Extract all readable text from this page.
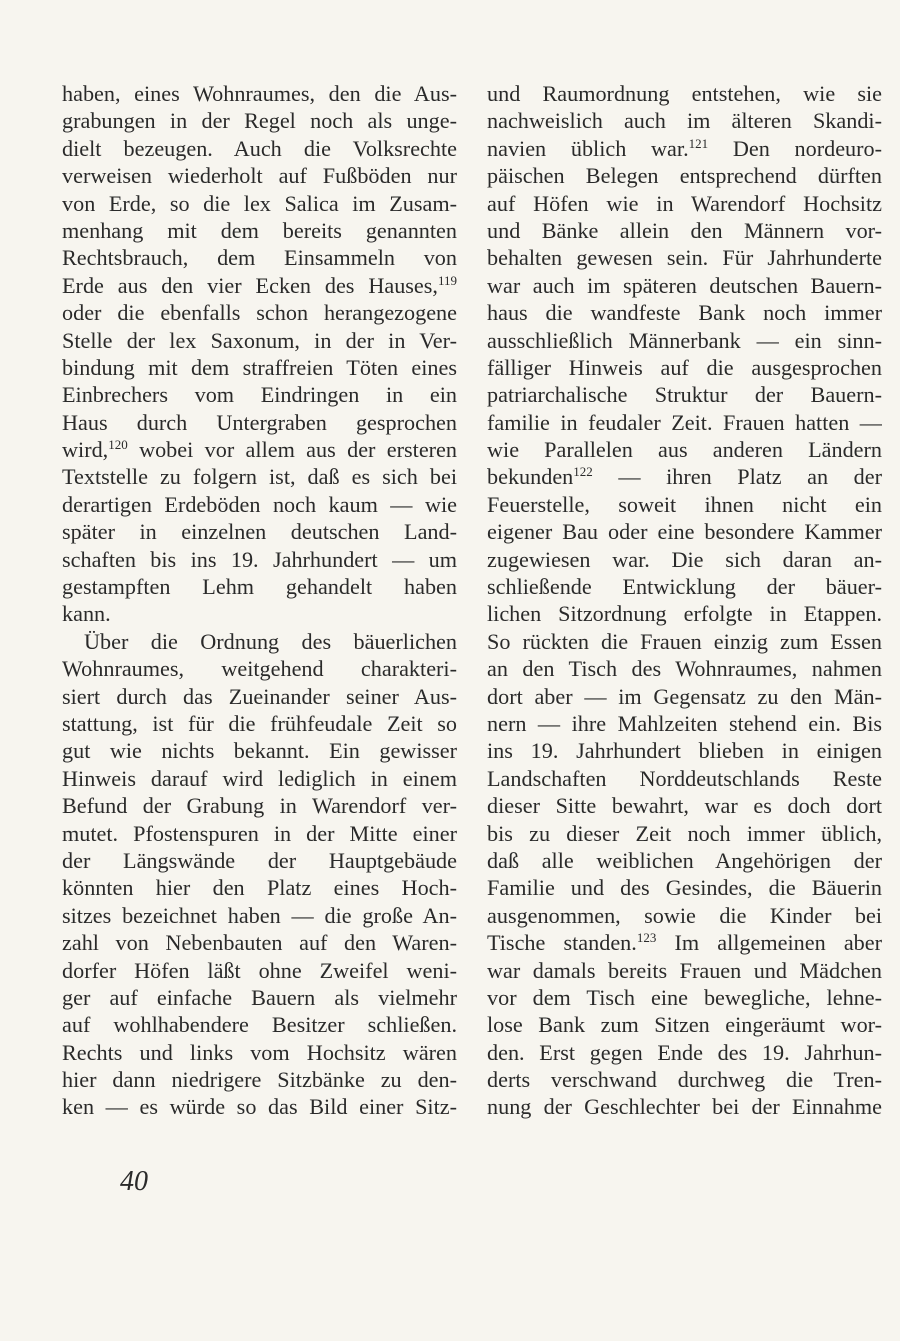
haben, eines Wohnraumes, den die Aus-
grabungen in der Regel noch als unge-
dielt bezeugen. Auch die Volksrechte
verweisen wiederholt auf Fußböden nur
von Erde, so die lex Salica im Zusam-
menhang mit dem bereits genannten
Rechtsbrauch, dem Einsammeln von
Erde aus den vier Ecken des Hauses,$^{119}$
oder die ebenfalls schon herangezogene
Stelle der lex Saxonum, in der in Ver-
bindung mit dem straffreien Töten eines
Einbrechers vom Eindringen in ein
Haus durch Untergraben gesprochen
wird,$^{120}$ wobei vor allem aus der ersteren
Textstelle zu folgern ist, daß es sich bei
derartigen Erdeböden noch kaum — wie
später in einzelnen deutschen Land-
schaften bis ins 19. Jahrhundert — um
gestampften Lehm gehandelt haben
kann.
Über die Ordnung des bäuerlichen
Wohnraumes, weitgehend charakteri-
siert durch das Zueinander seiner Aus-
stattung, ist für die frühfeudale Zeit so
gut wie nichts bekannt. Ein gewisser
Hinweis darauf wird lediglich in einem
Befund der Grabung in Warendorf ver-
mutet. Pfostenspuren in der Mitte einer
der Längswände der Hauptgebäude
könnten hier den Platz eines Hoch-
sitzes bezeichnet haben — die große An-
zahl von Nebenbauten auf den Waren-
dorfer Höfen läßt ohne Zweifel weni-
ger auf einfache Bauern als vielmehr
auf wohlhabendere Besitzer schließen.
Rechts und links vom Hochsitz wären
hier dann niedrigere Sitzbänke zu den-
ken — es würde so das Bild einer Sitz-
und Raumordnung entstehen, wie sie
nachweislich auch im älteren Skandi-
navien üblich war.$^{121}$ Den nordeuro-
päischen Belegen entsprechend dürften
auf Höfen wie in Warendorf Hochsitz
und Bänke allein den Männern vor-
behalten gewesen sein. Für Jahrhunderte
war auch im späteren deutschen Bauern-
haus die wandfeste Bank noch immer
ausschließlich Männerbank — ein sinn-
fälliger Hinweis auf die ausgesprochen
patriarchalische Struktur der Bauern-
familie in feudaler Zeit. Frauen hatten —
wie Parallelen aus anderen Ländern
bekunden$^{122}$ — ihren Platz an der
Feuerstelle, soweit ihnen nicht ein
eigener Bau oder eine besondere Kammer
zugewiesen war. Die sich daran an-
schließende Entwicklung der bäuer-
lichen Sitzordnung erfolgte in Etappen.
So rückten die Frauen einzig zum Essen
an den Tisch des Wohnraumes, nahmen
dort aber — im Gegensatz zu den Män-
nern — ihre Mahlzeiten stehend ein. Bis
ins 19. Jahrhundert blieben in einigen
Landschaften Norddeutschlands Reste
dieser Sitte bewahrt, war es doch dort
bis zu dieser Zeit noch immer üblich,
daß alle weiblichen Angehörigen der
Familie und des Gesindes, die Bäuerin
ausgenommen, sowie die Kinder bei
Tische standen.$^{123}$ Im allgemeinen aber
war damals bereits Frauen und Mädchen
vor dem Tisch eine bewegliche, lehne-
lose Bank zum Sitzen eingeräumt wor-
den. Erst gegen Ende des 19. Jahrhun-
derts verschwand durchweg die Tren-
nung der Geschlechter bei der Einnahme
40
